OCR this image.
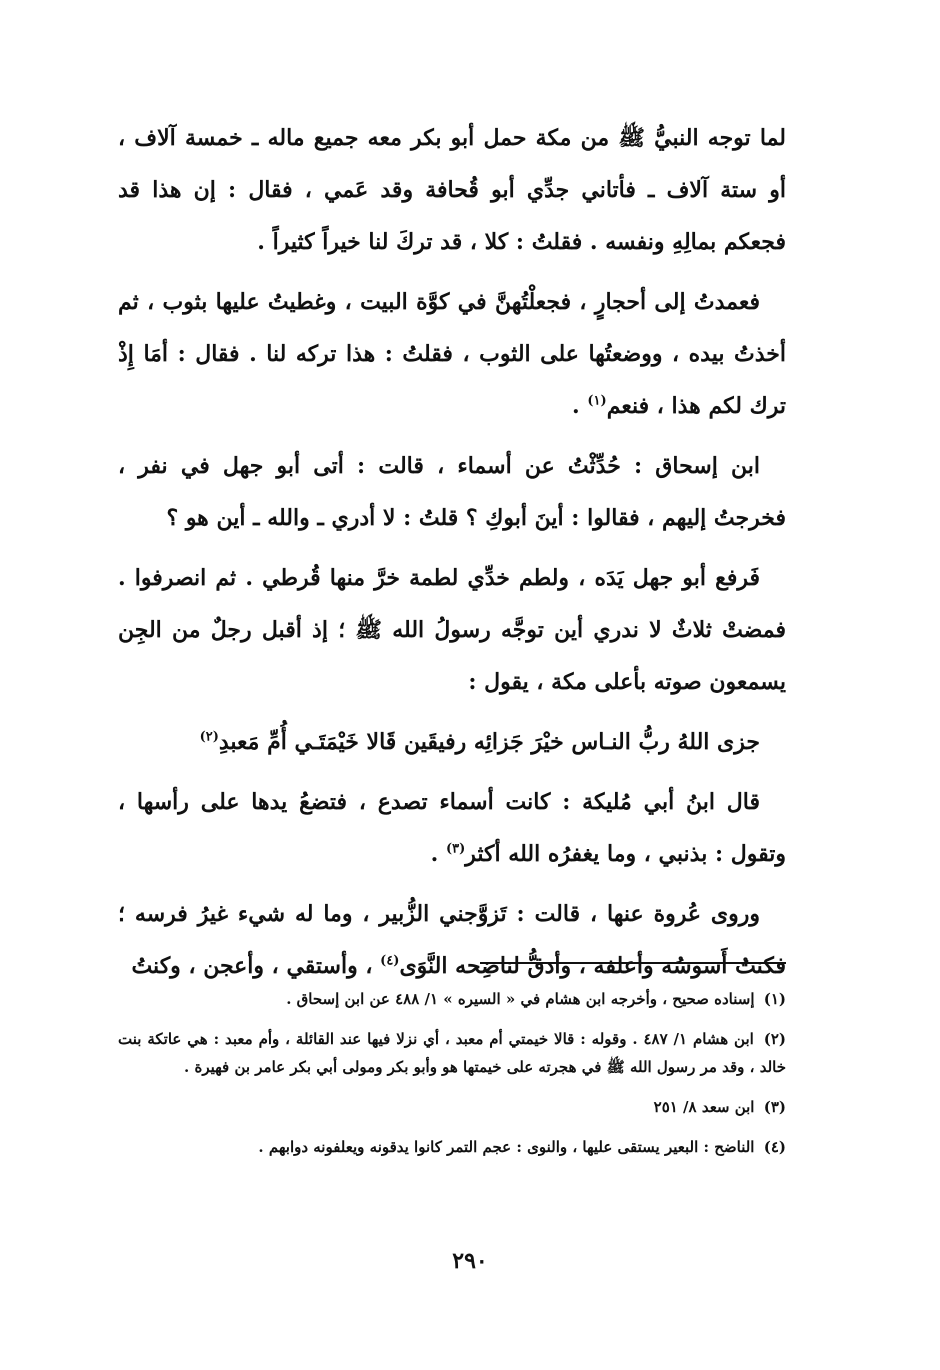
لما توجه النبيُّ ﷺ من مكة حمل أبو بكر معه جميع ماله ـ خمسة آلاف ، أو ستة آلاف ـ فأتاني جدِّي أبو قُحافة وقد عَمي ، فقال : إن هذا قد فجعكم بمالِهِ ونفسه . فقلتُ : كلا ، قد تركَ لنا خيراً كثيراً .

فعمدتُ إلى أحجارٍ ، فجعلْتُهنَّ في كوَّة البيت ، وغطيتُ عليها بثوب ، ثم أخذتُ بيده ، ووضعتُها على الثوب ، فقلتُ : هذا تركه لنا . فقال : أمَا إِذْ ترك لكم هذا ، فنعم$^{(١)}$ .

ابن إسحاق : حُدِّثْتُ عن أسماء ، قالت : أتى أبو جهل في نفر ، فخرجتُ إليهم ، فقالوا : أينَ أبوكِ ؟ قلتُ : لا أدري ـ والله ـ أين هو ؟

فَرفع أبو جهل يَدَه ، ولطم خدِّي لطمة خرَّ منها قُرطي . ثم انصرفوا . فمضتْ ثلاثٌ لا ندري أين توجَّه رسولُ الله ﷺ ؛ إذ أقبل رجلٌ من الجِن يسمعون صوته بأعلى مكة ، يقول :

جزى اللهُ ربُّ النـاس خيْرَ جَزائِه رفيقَين قَالا خَيْمَتَـي أُمِّ مَعبدِ$^{(٢)}$

قال ابنُ أبي مُليكة : كانت أسماء تصدع ، فتضعُ يدها على رأسها ، وتقول : بذنبي ، وما يغفرُه الله أكثر$^{(٣)}$ .

وروى عُروة عنها ، قالت : تَزوَّجني الزُّبير ، وما له شيء غيرُ فرسه ؛ فكنتُ أَسوسُه وأعلفه ، وأدقُّ لناضِحه النَّوَى$^{(٤)}$ ، وأستقي ، وأعجن ، وكنتُ

(١) إسناده صحيح ، وأخرجه ابن هشام في « السيره » ١/ ٤٨٨ عن ابن إسحاق .

(٢) ابن هشام ١/ ٤٨٧ . وقوله : قالا خيمتي أم معبد ، أي نزلا فيها عند القائلة ، وأم معبد : هي عاتكة بنت خالد ، وقد مر رسول الله ﷺ في هجرته على خيمتها هو وأبو بكر ومولى أبي بكر عامر بن فهيرة .

(٣) ابن سعد ٨/ ٢٥١

(٤) الناضح : البعير يستقى عليها ، والنوى : عجم التمر كانوا يدقونه ويعلفونه دوابهم .

٢٩٠
